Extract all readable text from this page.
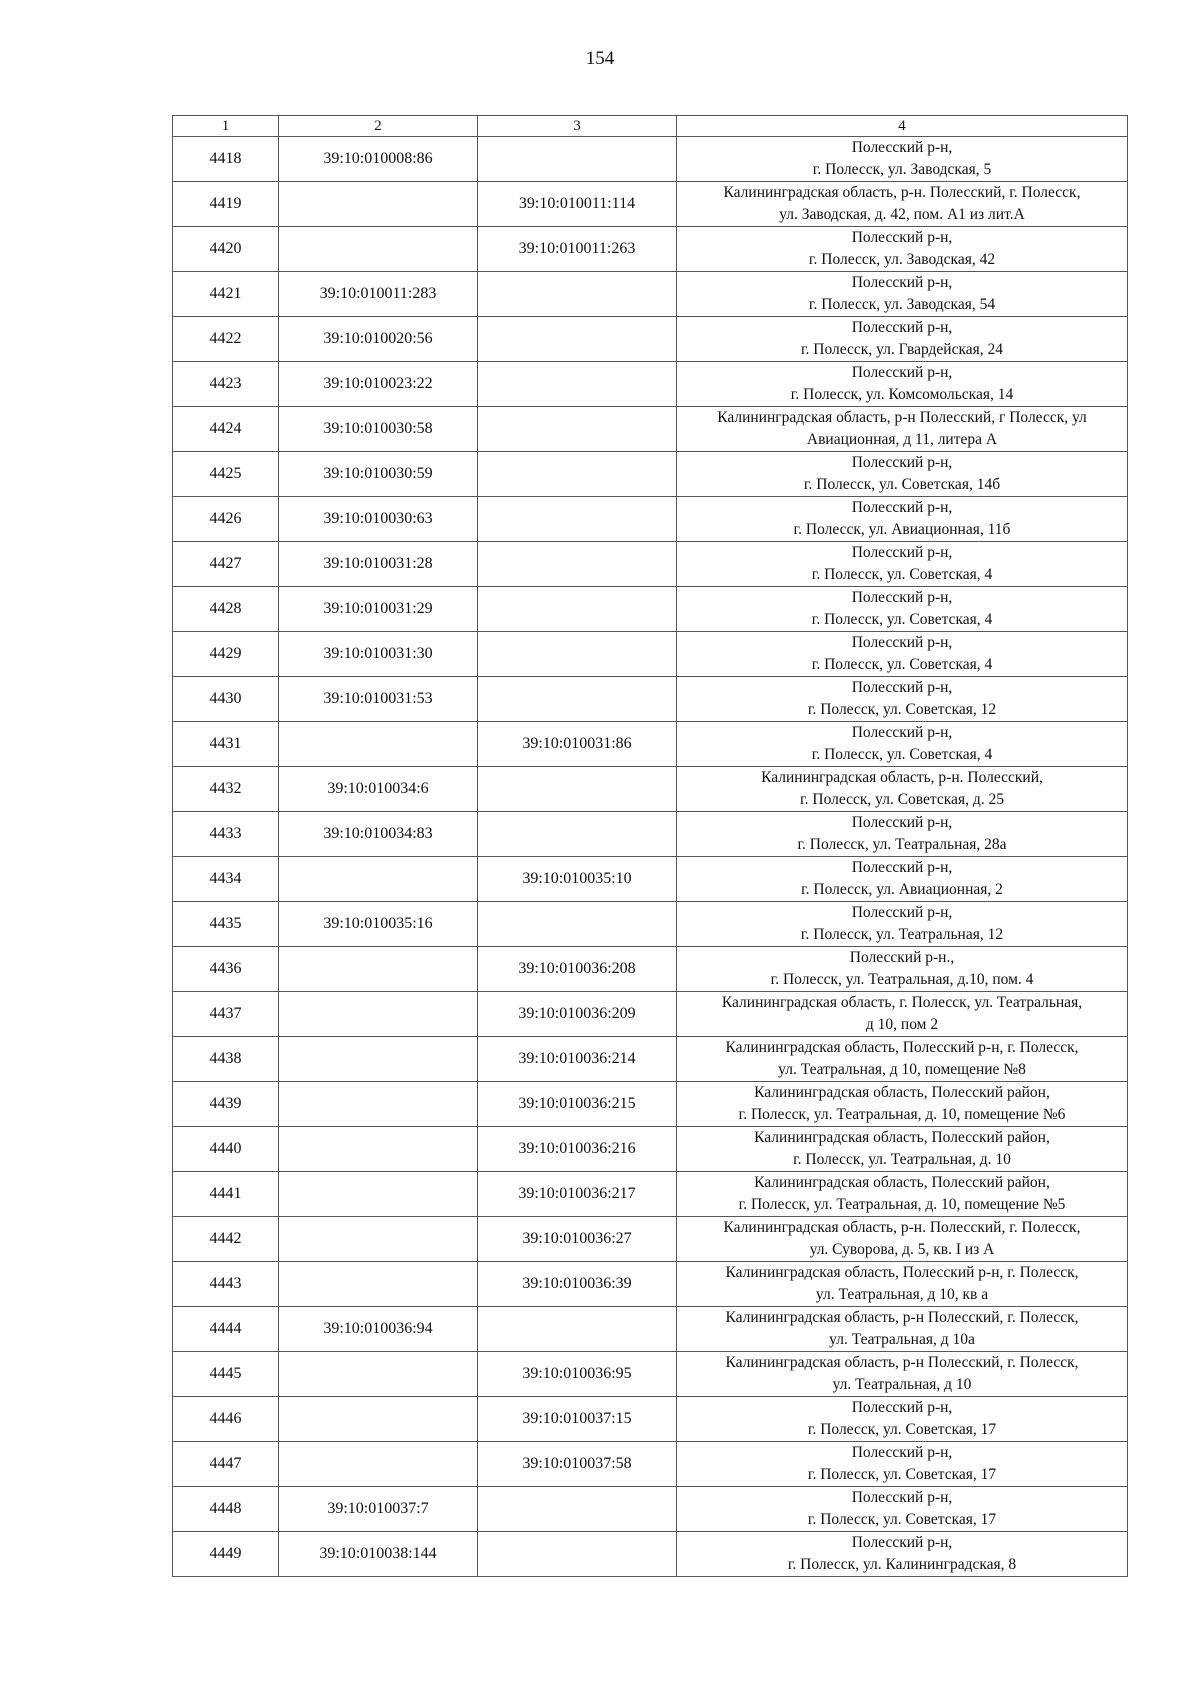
154
1	2	3	4
4418	39:10:010008:86		Полесский р-н,
г. Полесск, ул. Заводская, 5
4419		39:10:010011:114	Калининградская область, р-н. Полесский, г. Полесск,
ул. Заводская, д. 42, пом. А1 из лит.А
4420		39:10:010011:263	Полесский р-н,
г. Полесск, ул. Заводская, 42
4421	39:10:010011:283		Полесский р-н,
г. Полесск, ул. Заводская, 54
4422	39:10:010020:56		Полесский р-н,
г. Полесск, ул. Гвардейская, 24
4423	39:10:010023:22		Полесский р-н,
г. Полесск, ул. Комсомольская, 14
4424	39:10:010030:58		Калининградская область, р-н Полесский, г Полесск, ул
Авиационная, д 11, литера А
4425	39:10:010030:59		Полесский р-н,
г. Полесск, ул. Советская, 14б
4426	39:10:010030:63		Полесский р-н,
г. Полесск, ул. Авиационная, 11б
4427	39:10:010031:28		Полесский р-н,
г. Полесск, ул. Советская, 4
4428	39:10:010031:29		Полесский р-н,
г. Полесск, ул. Советская, 4
4429	39:10:010031:30		Полесский р-н,
г. Полесск, ул. Советская, 4
4430	39:10:010031:53		Полесский р-н,
г. Полесск, ул. Советская, 12
4431		39:10:010031:86	Полесский р-н,
г. Полесск, ул. Советская, 4
4432	39:10:010034:6		Калининградская область, р-н. Полесский,
г. Полесск, ул. Советская, д. 25
4433	39:10:010034:83		Полесский р-н,
г. Полесск, ул. Театральная, 28а
4434		39:10:010035:10	Полесский р-н,
г. Полесск, ул. Авиационная, 2
4435	39:10:010035:16		Полесский р-н,
г. Полесск, ул. Театральная, 12
4436		39:10:010036:208	Полесский р-н.,
г. Полесск, ул. Театральная, д.10, пом. 4
4437		39:10:010036:209	Калининградская область, г. Полесск, ул. Театральная,
д 10, пом 2
4438		39:10:010036:214	Калининградская область, Полесский р-н, г. Полесск,
ул. Театральная, д 10, помещение №8
4439		39:10:010036:215	Калининградская область, Полесский район,
г. Полесск, ул. Театральная, д. 10, помещение №6
4440		39:10:010036:216	Калининградская область, Полесский район,
г. Полесск, ул. Театральная, д. 10
4441		39:10:010036:217	Калининградская область, Полесский район,
г. Полесск, ул. Театральная, д. 10, помещение №5
4442		39:10:010036:27	Калининградская область, р-н. Полесский, г. Полесск,
ул. Суворова, д. 5, кв. I из А
4443		39:10:010036:39	Калининградская область, Полесский р-н, г. Полесск,
ул. Театральная, д 10, кв а
4444	39:10:010036:94		Калининградская область, р-н Полесский, г. Полесск,
ул. Театральная, д 10а
4445		39:10:010036:95	Калининградская область, р-н Полесский, г. Полесск,
ул. Театральная, д 10
4446		39:10:010037:15	Полесский р-н,
г. Полесск, ул. Советская, 17
4447		39:10:010037:58	Полесский р-н,
г. Полесск, ул. Советская, 17
4448	39:10:010037:7		Полесский р-н,
г. Полесск, ул. Советская, 17
4449	39:10:010038:144		Полесский р-н,
г. Полесск, ул. Калининградская, 8
